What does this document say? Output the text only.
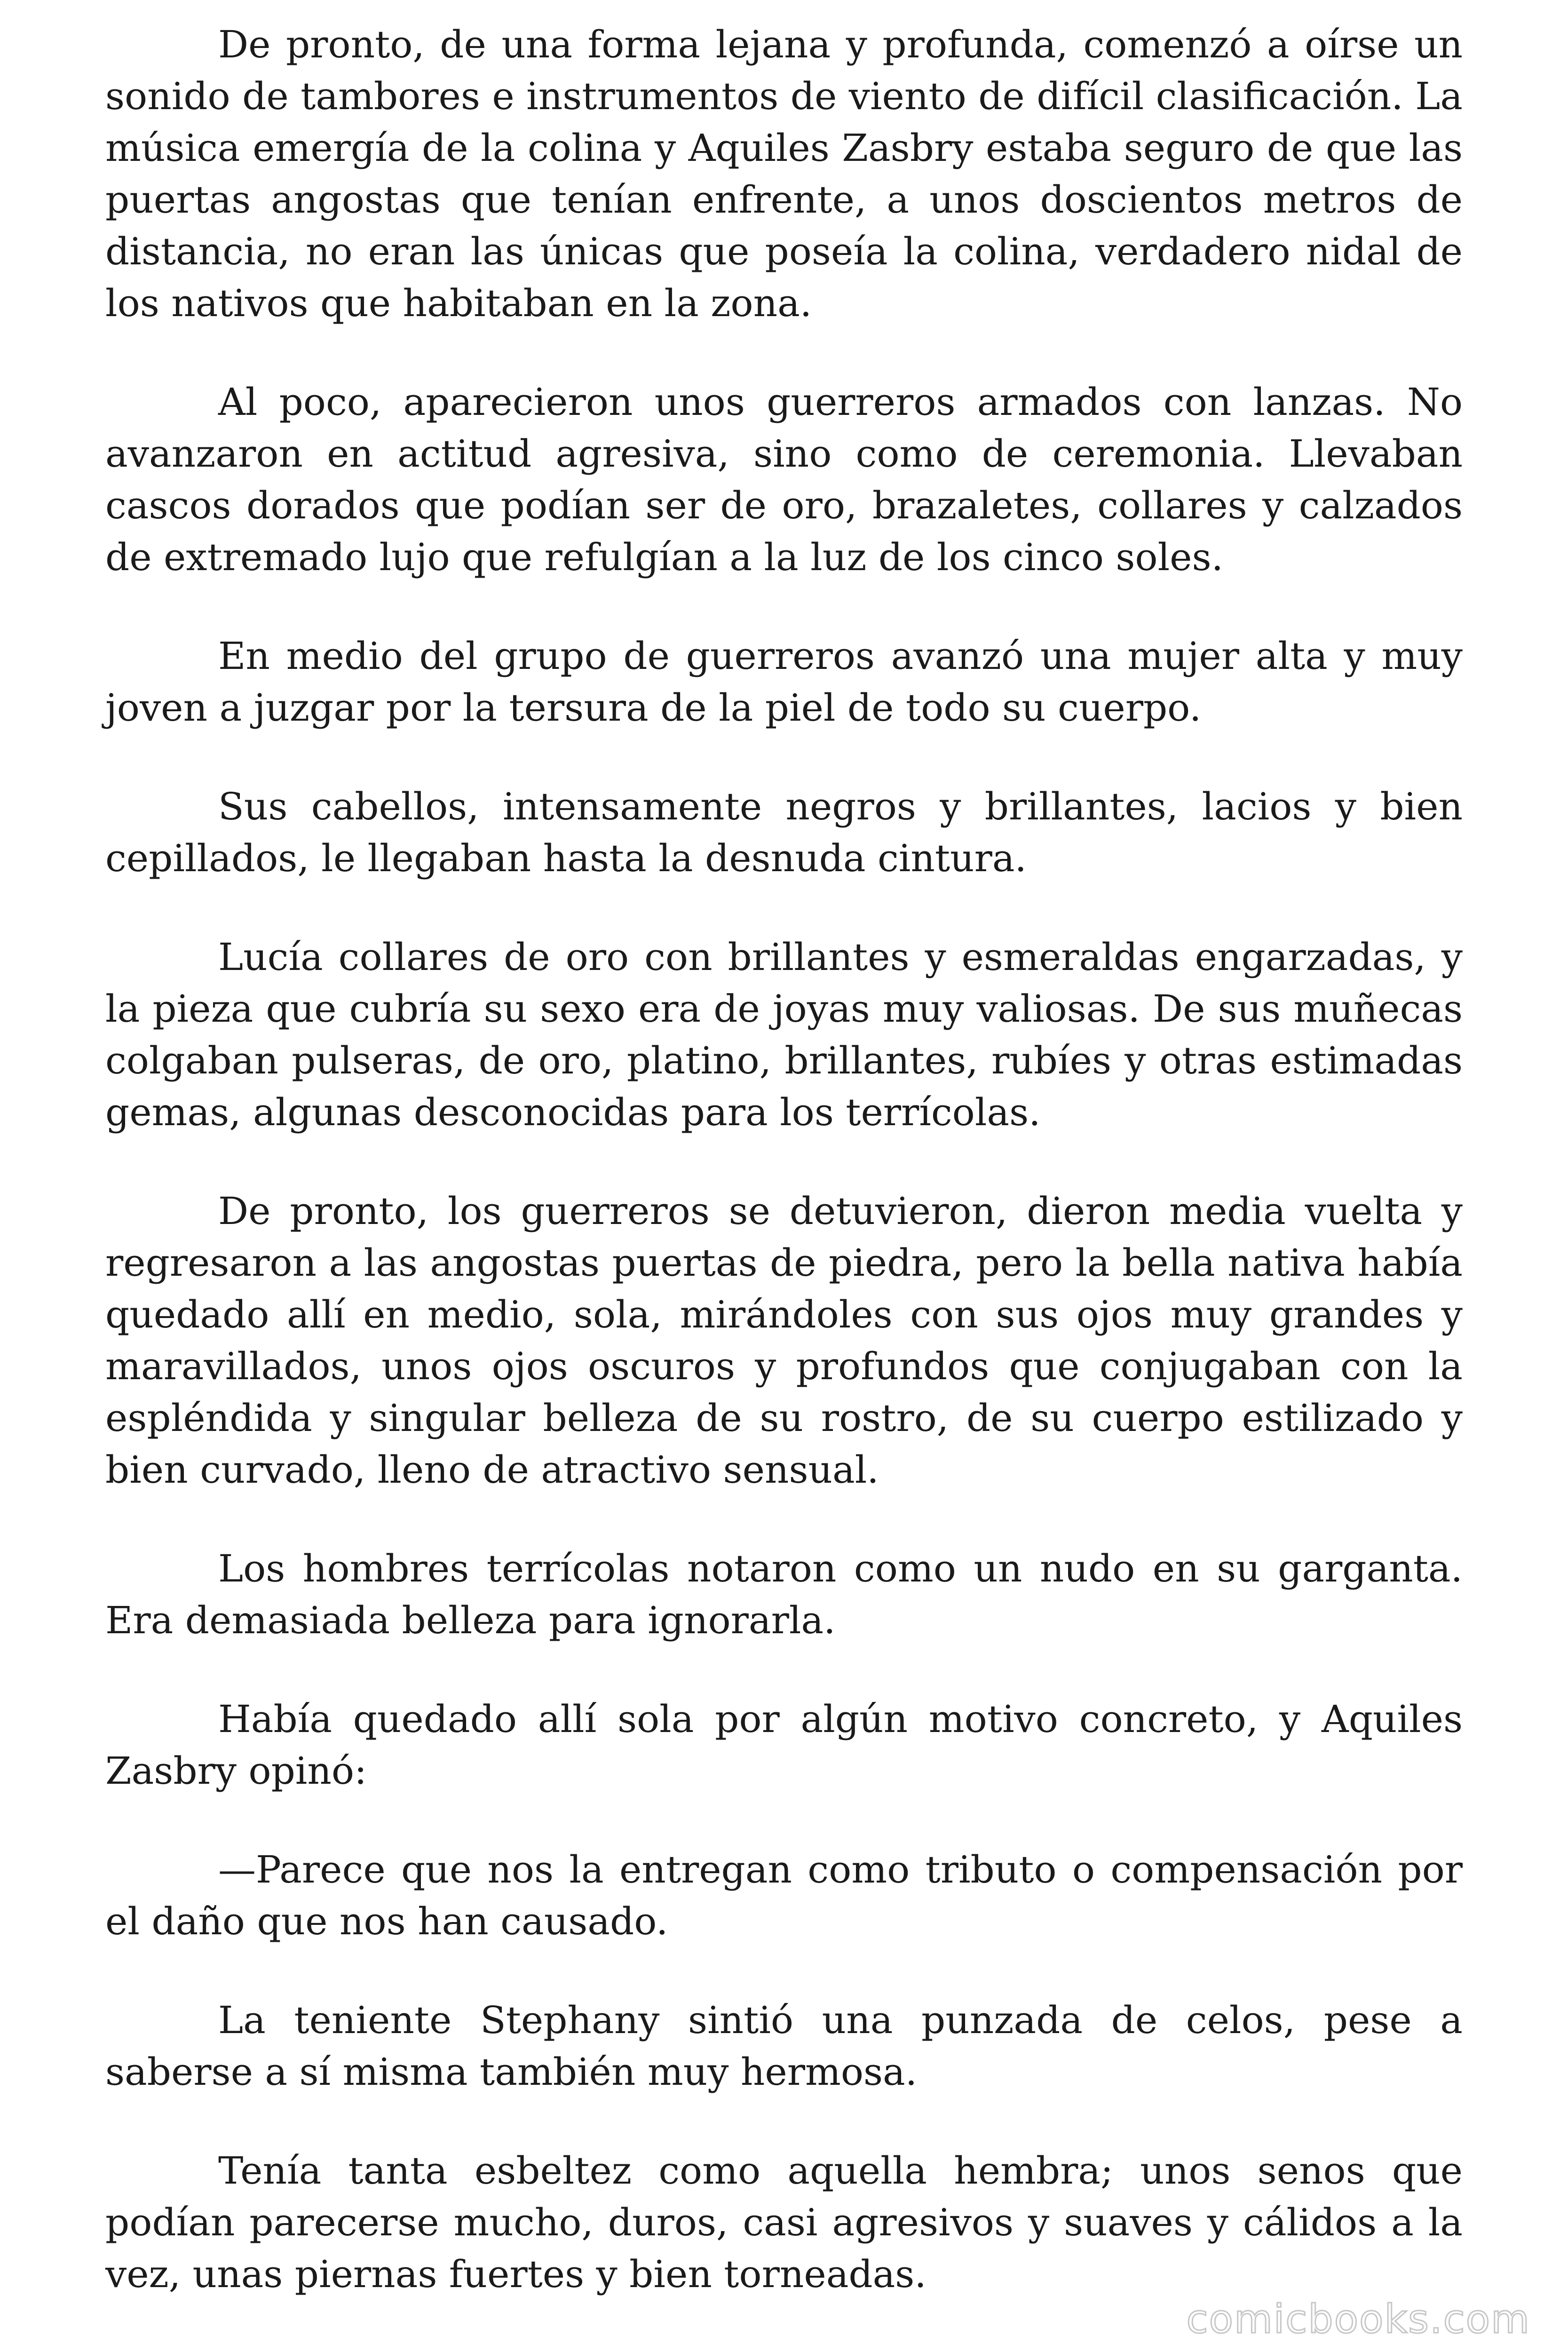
De pronto, de una forma lejana y profunda, comenzó a oírse un sonido de tambores e instrumentos de viento de difícil clasificación. La música emergía de la colina y Aquiles Zasbry estaba seguro de que las puertas angostas que tenían enfrente, a unos doscientos metros de distancia, no eran las únicas que poseía la colina, verdadero nidal de los nativos que habitaban en la zona.

Al poco, aparecieron unos guerreros armados con lanzas. No avanzaron en actitud agresiva, sino como de ceremonia. Llevaban cascos dorados que podían ser de oro, brazaletes, collares y calzados de extremado lujo que refulgían a la luz de los cinco soles.

En medio del grupo de guerreros avanzó una mujer alta y muy joven a juzgar por la tersura de la piel de todo su cuerpo.

Sus cabellos, intensamente negros y brillantes, lacios y bien cepillados, le llegaban hasta la desnuda cintura.

Lucía collares de oro con brillantes y esmeraldas engarzadas, y la pieza que cubría su sexo era de joyas muy valiosas. De sus muñecas colgaban pulseras, de oro, platino, brillantes, rubíes y otras estimadas gemas, algunas desconocidas para los terrícolas.

De pronto, los guerreros se detuvieron, dieron media vuelta y regresaron a las angostas puertas de piedra, pero la bella nativa había quedado allí en medio, sola, mirándoles con sus ojos muy grandes y maravillados, unos ojos oscuros y profundos que conjugaban con la espléndida y singular belleza de su rostro, de su cuerpo estilizado y bien curvado, lleno de atractivo sensual.

Los hombres terrícolas notaron como un nudo en su garganta. Era demasiada belleza para ignorarla.

Había quedado allí sola por algún motivo concreto, y Aquiles Zasbry opinó:

—Parece que nos la entregan como tributo o compensación por el daño que nos han causado.

La teniente Stephany sintió una punzada de celos, pese a saberse a sí misma también muy hermosa.

Tenía tanta esbeltez como aquella hembra; unos senos que podían parecerse mucho, duros, casi agresivos y suaves y cálidos a la vez, unas piernas fuertes y bien torneadas.

comicbooks.com
